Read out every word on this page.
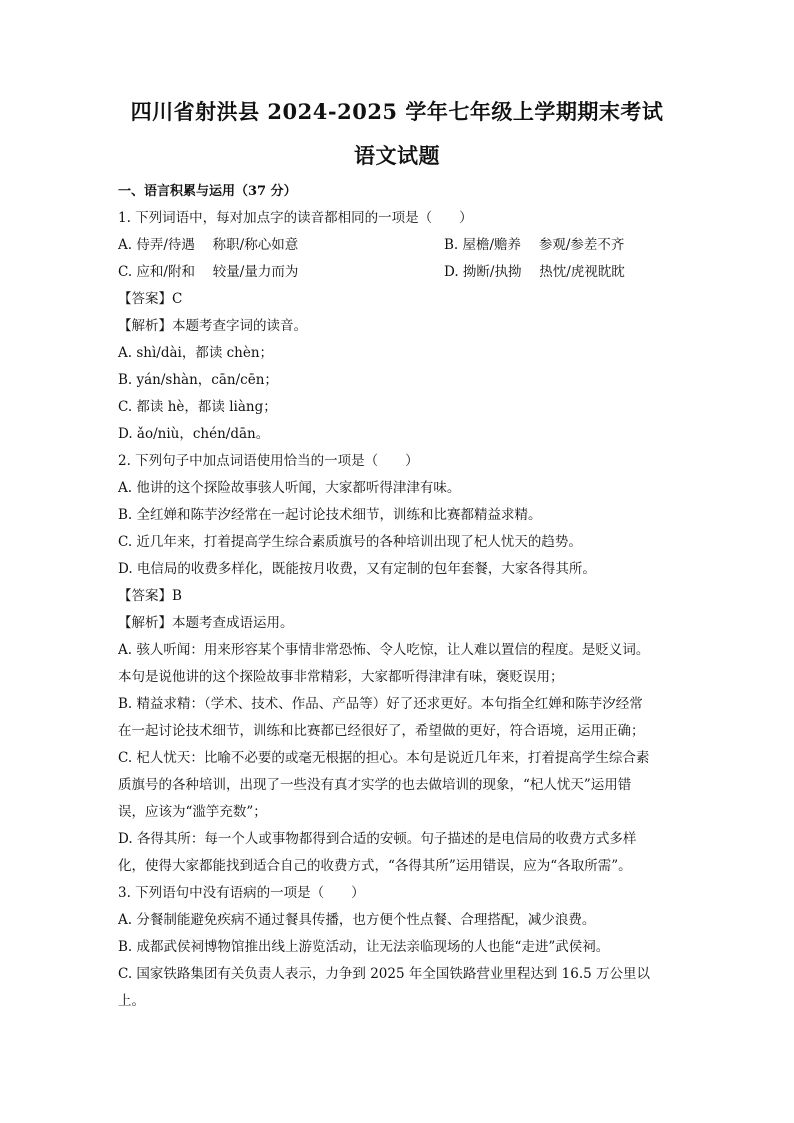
四川省射洪县 2024-2025 学年七年级上学期期末考试
语文试题
一、语言积累与运用（37 分）
1. 下列词语中，每对加点字的读音都相同的一项是（　　）
A. 侍弄/待遇　 称职/称心如意	B. 屋檐/赡养　 参观/参差不齐
C. 应和/附和　 较量/量力而为	D. 拗断/执拗　 热忱/虎视眈眈
【答案】C
【解析】本题考查字词的读音。
A. shì/dài，都读 chèn；
B. yán/shàn，cān/cēn；
C. 都读 hè，都读 liàng；
D. ǎo/niù，chén/dān。
2. 下列句子中加点词语使用恰当的一项是（　　）
A. 他讲的这个探险故事骇人听闻，大家都听得津津有味。
B. 全红婵和陈芋汐经常在一起讨论技术细节，训练和比赛都精益求精。
C. 近几年来，打着提高学生综合素质旗号的各种培训出现了杞人忧天的趋势。
D. 电信局的收费多样化，既能按月收费，又有定制的包年套餐，大家各得其所。
【答案】B
【解析】本题考查成语运用。
A. 骇人听闻：用来形容某个事情非常恐怖、令人吃惊，让人难以置信的程度。是贬义词。
本句是说他讲的这个探险故事非常精彩，大家都听得津津有味，褒贬误用；
B. 精益求精：（学术、技术、作品、产品等）好了还求更好。本句指全红婵和陈芋汐经常
在一起讨论技术细节，训练和比赛都已经很好了，希望做的更好，符合语境，运用正确；
C. 杞人忧天：比喻不必要的或毫无根据的担心。本句是说近几年来，打着提高学生综合素
质旗号的各种培训，出现了一些没有真才实学的也去做培训的现象，“杞人忧天”运用错
误，应该为“滥竽充数”；
D. 各得其所：每一个人或事物都得到合适的安顿。句子描述的是电信局的收费方式多样
化，使得大家都能找到适合自己的收费方式，“各得其所”运用错误，应为“各取所需”。
3. 下列语句中没有语病的一项是（　　）
A. 分餐制能避免疾病不通过餐具传播，也方便个性点餐、合理搭配，减少浪费。
B. 成都武侯祠博物馆推出线上游览活动，让无法亲临现场的人也能“走进”武侯祠。
C. 国家铁路集团有关负责人表示，力争到 2025 年全国铁路营业里程达到 16.5 万公里以
上。
